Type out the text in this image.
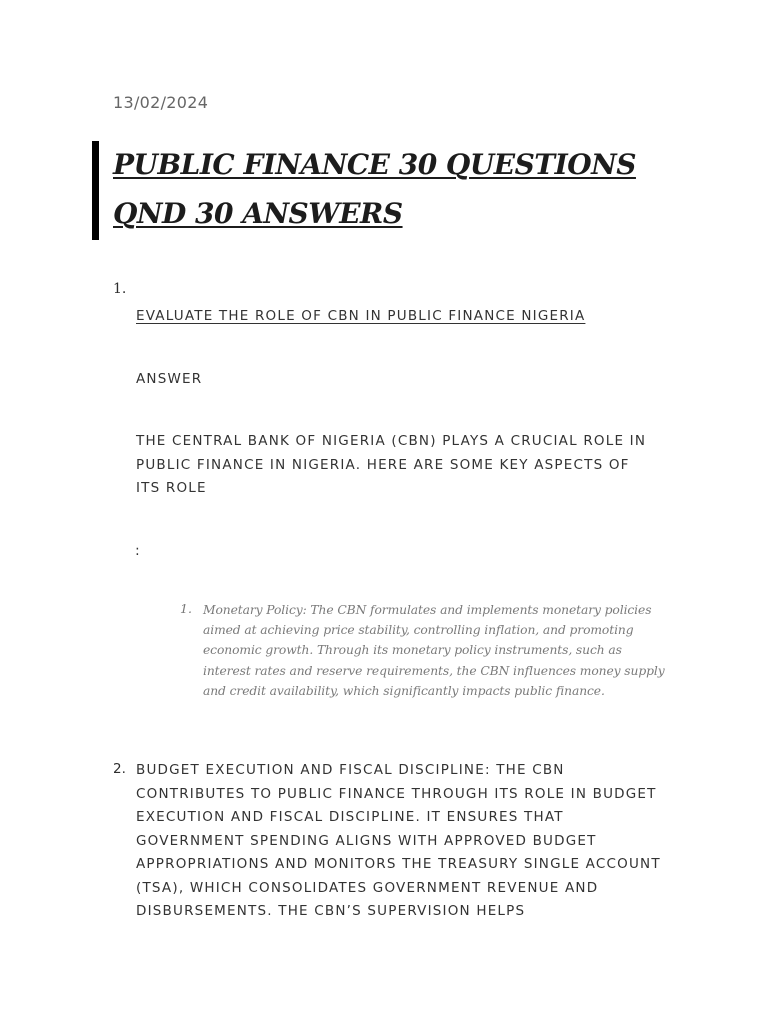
13/02/2024
PUBLIC FINANCE 30 QUESTIONS QND 30 ANSWERS
1.

EVALUATE THE ROLE OF CBN IN PUBLIC FINANCE NIGERIA

ANSWER

THE CENTRAL BANK OF NIGERIA (CBN) PLAYS A CRUCIAL ROLE IN PUBLIC FINANCE IN NIGERIA. HERE ARE SOME KEY ASPECTS OF ITS ROLE

:
1. Monetary Policy: The CBN formulates and implements monetary policies aimed at achieving price stability, controlling inflation, and promoting economic growth. Through its monetary policy instruments, such as interest rates and reserve requirements, the CBN influences money supply and credit availability, which significantly impacts public finance.

2. BUDGET EXECUTION AND FISCAL DISCIPLINE: THE CBN CONTRIBUTES TO PUBLIC FINANCE THROUGH ITS ROLE IN BUDGET EXECUTION AND FISCAL DISCIPLINE. IT ENSURES THAT GOVERNMENT SPENDING ALIGNS WITH APPROVED BUDGET APPROPRIATIONS AND MONITORS THE TREASURY SINGLE ACCOUNT (TSA), WHICH CONSOLIDATES GOVERNMENT REVENUE AND DISBURSEMENTS. THE CBN’S SUPERVISION HELPS
